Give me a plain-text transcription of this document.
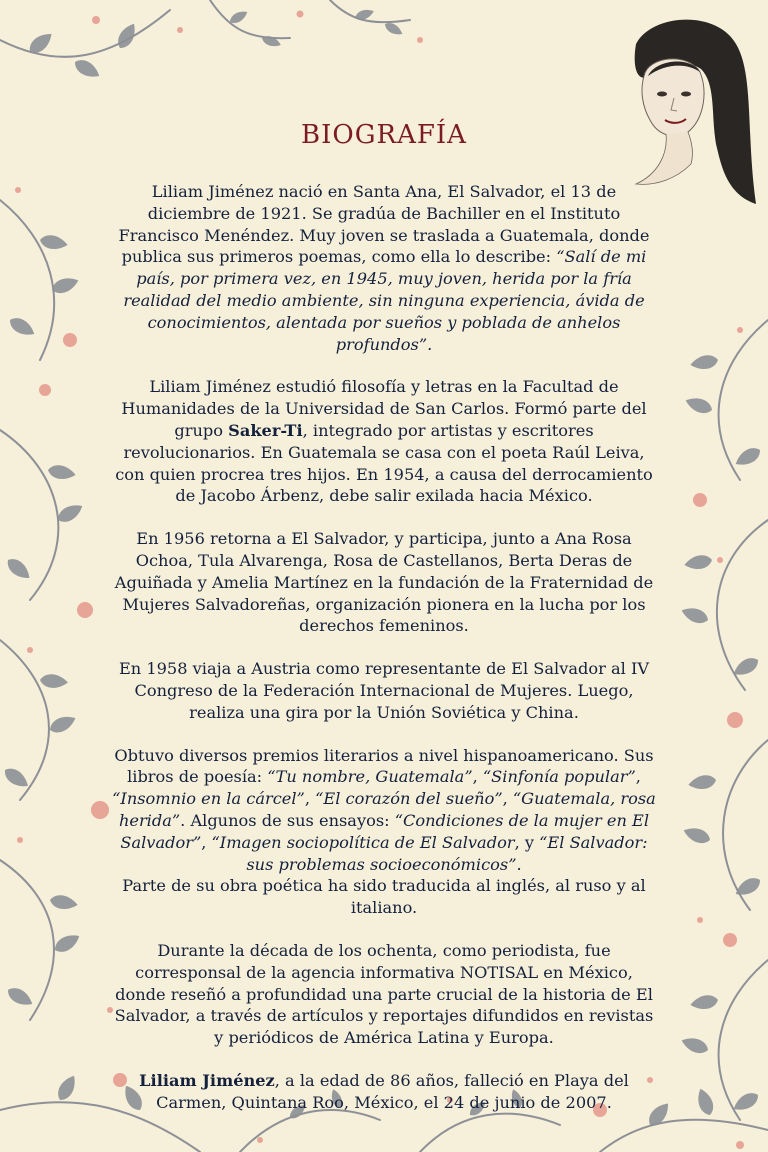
BIOGRAFÍA

Liliam Jiménez nació en Santa Ana, El Salvador, el 13 de diciembre de 1921. Se gradúa de Bachiller en el Instituto Francisco Menéndez. Muy joven se traslada a Guatemala, donde publica sus primeros poemas, como ella lo describe: “Salí de mi país, por primera vez, en 1945, muy joven, herida por la fría realidad del medio ambiente, sin ninguna experiencia, ávida de conocimientos, alentada por sueños y poblada de anhelos profundos”.

Liliam Jiménez estudió filosofía y letras en la Facultad de Humanidades de la Universidad de San Carlos. Formó parte del grupo Saker-Ti, integrado por artistas y escritores revolucionarios. En Guatemala se casa con el poeta Raúl Leiva, con quien procrea tres hijos. En 1954, a causa del derrocamiento de Jacobo Árbenz, debe salir exilada hacia México.

En 1956 retorna a El Salvador, y participa, junto a Ana Rosa Ochoa, Tula Alvarenga, Rosa de Castellanos, Berta Deras de Aguiñada y Amelia Martínez en la fundación de la Fraternidad de Mujeres Salvadoreñas, organización pionera en la lucha por los derechos femeninos.

En 1958 viaja a Austria como representante de El Salvador al IV Congreso de la Federación Internacional de Mujeres. Luego, realiza una gira por la Unión Soviética y China.

Obtuvo diversos premios literarios a nivel hispanoamericano. Sus libros de poesía: “Tu nombre, Guatemala”, “Sinfonía popular”, “Insomnio en la cárcel”, “El corazón del sueño”, “Guatemala, rosa herida”. Algunos de sus ensayos: “Condiciones de la mujer en El Salvador”, “Imagen sociopolítica de El Salvador, y “El Salvador: sus problemas socioeconómicos”.
Parte de su obra poética ha sido traducida al inglés, al ruso y al italiano.

Durante la década de los ochenta, como periodista, fue corresponsal de la agencia informativa NOTISAL en México, donde reseñó a profundidad una parte crucial de la historia de El Salvador, a través de artículos y reportajes difundidos en revistas y periódicos de América Latina y Europa.

Liliam Jiménez, a la edad de 86 años, falleció en Playa del Carmen, Quintana Roo, México, el 24 de junio de 2007.
